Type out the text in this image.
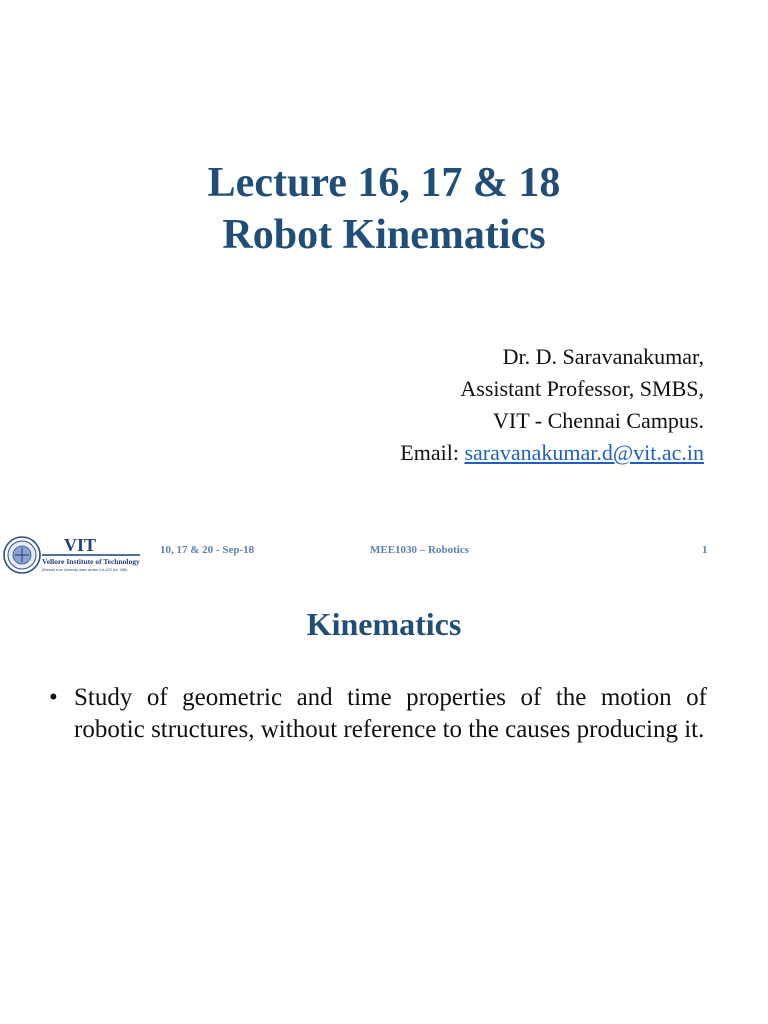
Lecture 16, 17 & 18
Robot Kinematics
Dr. D. Saravanakumar,
Assistant Professor, SMBS,
VIT - Chennai Campus.
Email: saravanakumar.d@vit.ac.in
VIT
Vellore Institute of Technology
(Deemed to be University under section 3 of UGC Act, 1956)
10, 17 & 20 - Sep-18	MEE1030 – Robotics	1
Kinematics
• Study of geometric and time properties of the motion of robotic structures, without reference to the causes producing it.
